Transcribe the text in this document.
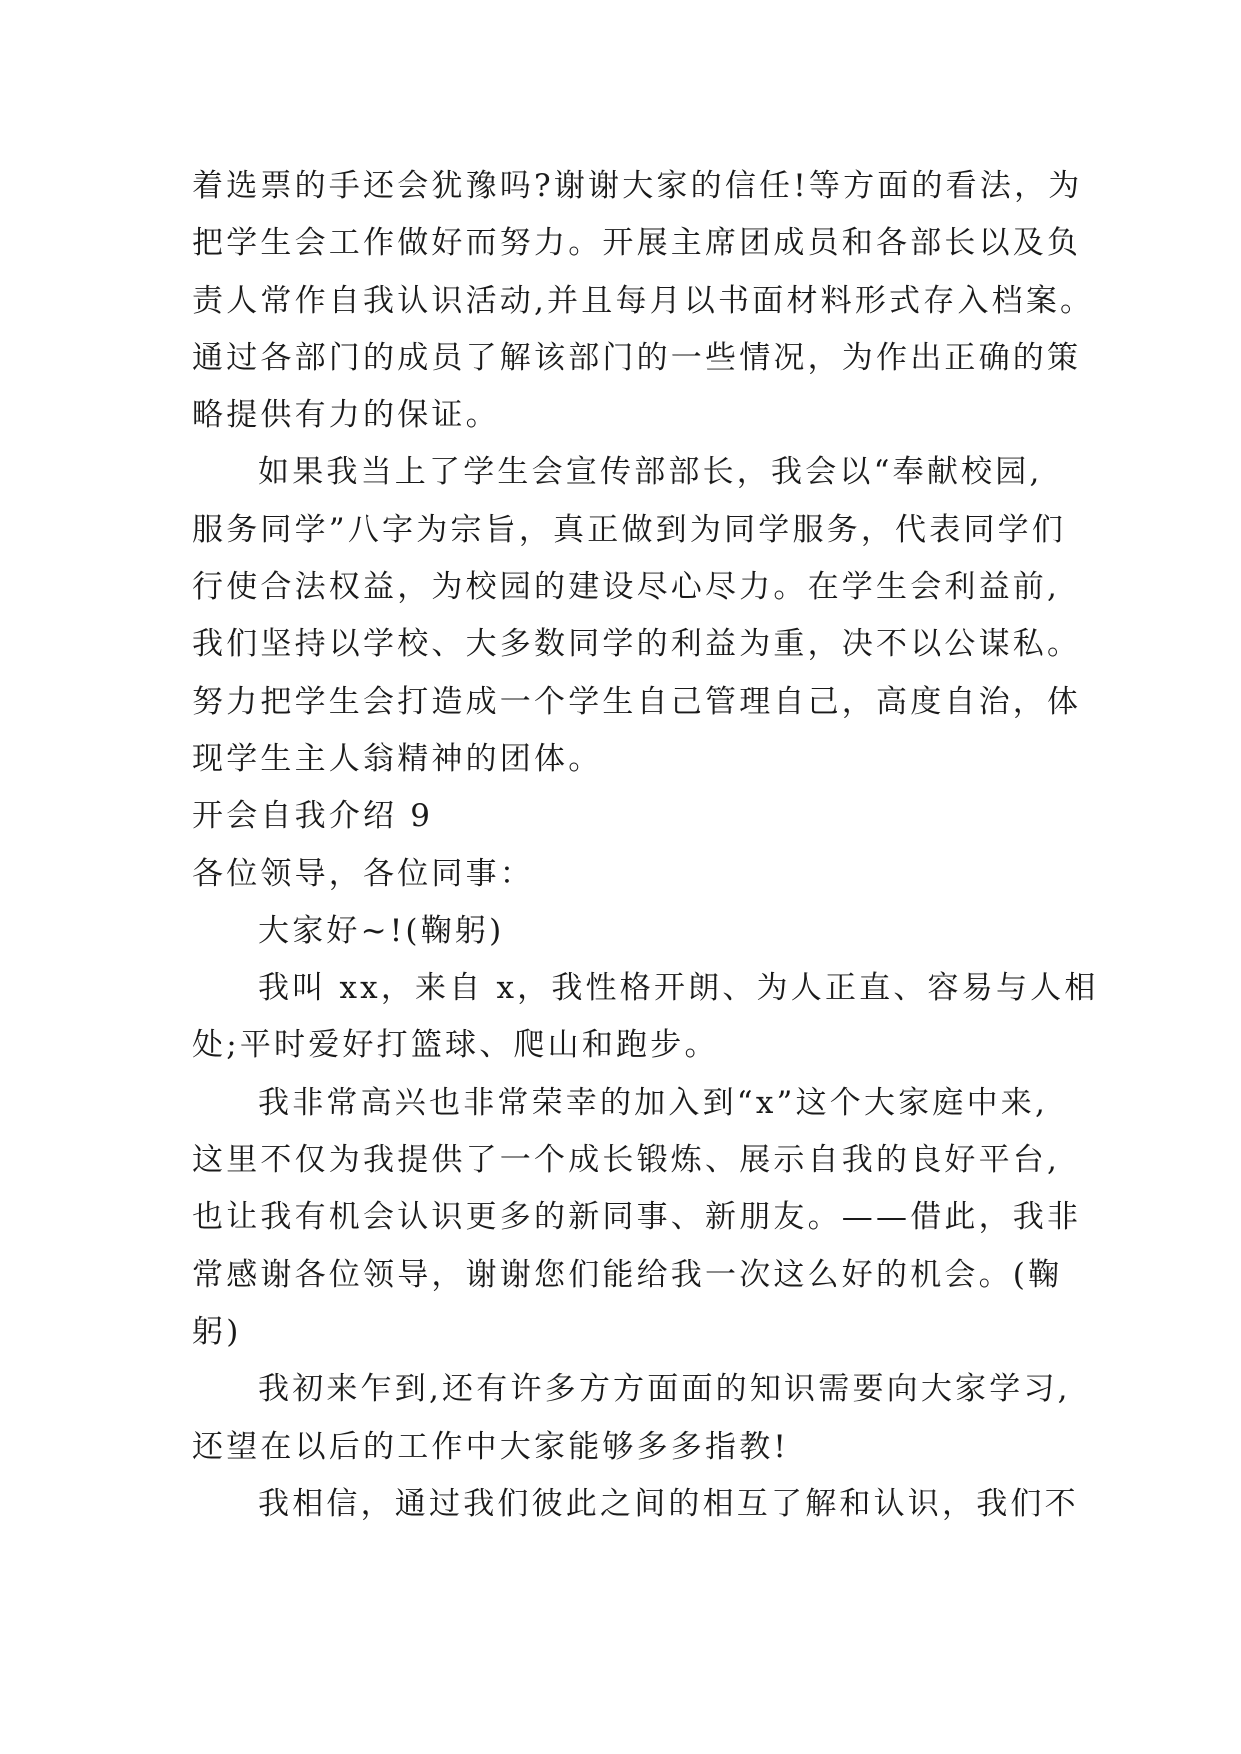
着选票的手还会犹豫吗?谢谢大家的信任!等方面的看法，为
把学生会工作做好而努力。开展主席团成员和各部长以及负
责人常作自我认识活动,并且每月以书面材料形式存入档案。
通过各部门的成员了解该部门的一些情况，为作出正确的策
略提供有力的保证。
如果我当上了学生会宣传部部长，我会以“奉献校园,
服务同学”八字为宗旨，真正做到为同学服务，代表同学们
行使合法权益，为校园的建设尽心尽力。在学生会利益前,
我们坚持以学校、大多数同学的利益为重，决不以公谋私。
努力把学生会打造成一个学生自己管理自己，高度自治，体
现学生主人翁精神的团体。
开会自我介绍 9
各位领导，各位同事：
大家好~!(鞠躬)
我叫 xx，来自 x，我性格开朗、为人正直、容易与人相
处;平时爱好打篮球、爬山和跑步。
我非常高兴也非常荣幸的加入到“x”这个大家庭中来,
这里不仅为我提供了一个成长锻炼、展示自我的良好平台,
也让我有机会认识更多的新同事、新朋友。——借此，我非
常感谢各位领导，谢谢您们能给我一次这么好的机会。(鞠
躬)
我初来乍到,还有许多方方面面的知识需要向大家学习,
还望在以后的工作中大家能够多多指教!
我相信，通过我们彼此之间的相互了解和认识，我们不
